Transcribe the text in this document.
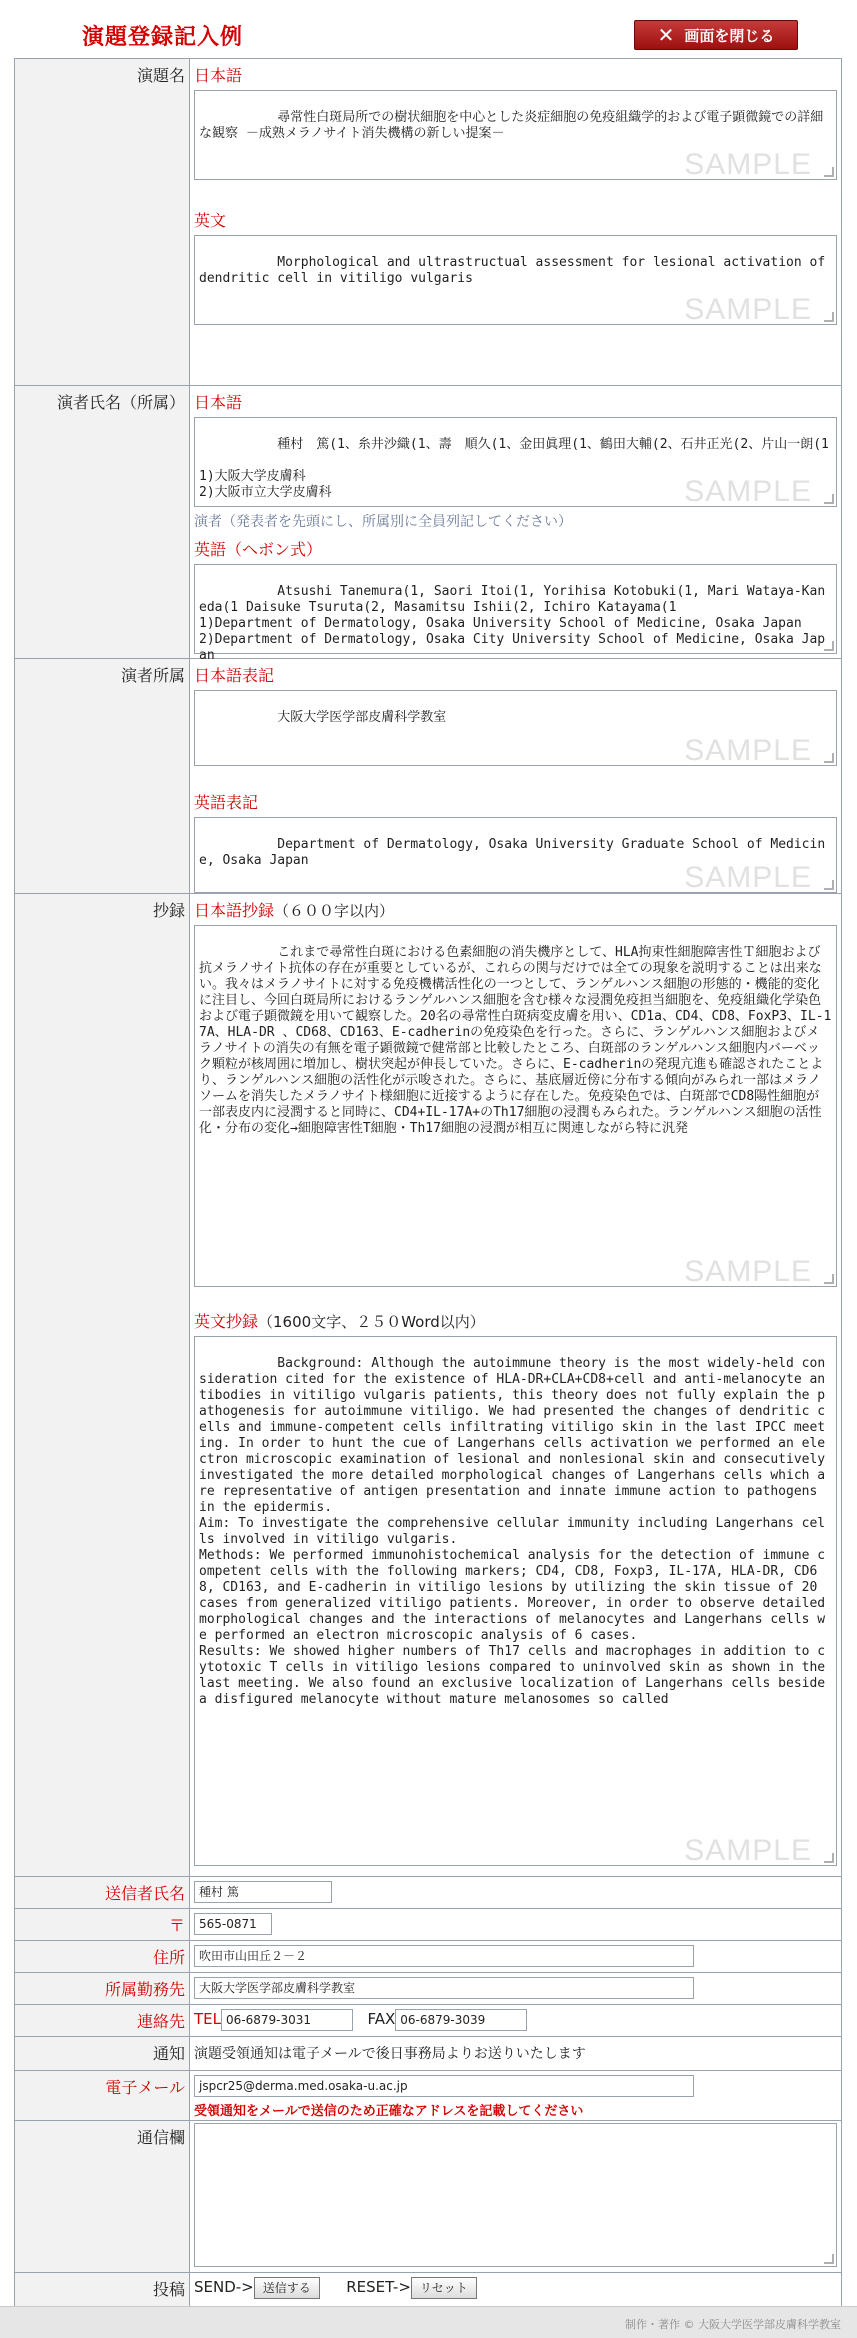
演題登録記入例	✕ 画面を閉じる
演題名 日本語

尋常性白斑局所での樹状細胞を中心とした炎症細胞の免疫組織学的および電子顕微鏡での詳細な観察 －成熟メラノサイト消失機構の新しい提案－

SAMPLE

英文

Morphological and ultrastructual assessment for lesional activation of dendritic cell in vitiligo vulgaris

SAMPLE

演者氏名（所属） 日本語

種村　篤(1、糸井沙織(1、壽　順久(1、金田眞理(1、鶴田大輔(2、石井正光(2、片山一朗(1

1)大阪大学皮膚科
2)大阪市立大学皮膚科
	SAMPLE

演者（発表者を先頭にし、所属別に全員列記してください）
英語（ヘボン式）

Atsushi Tanemura(1, Saori Itoi(1, Yorihisa Kotobuki(1, Mari Wataya-Kaneda(1 Daisuke Tsuruta(2, Masamitsu Ishii(2, Ichiro Katayama(1
1)Department of Dermatology, Osaka University School of Medicine, Osaka Japan
2)Department of Dermatology, Osaka City University School of Medicine, Osaka Japan

演者所属 日本語表記

大阪大学医学部皮膚科学教室

SAMPLE

英語表記

Department of Dermatology, Osaka University Graduate School of Medicine, Osaka Japan

SAMPLE

抄録 日本語抄録（６００字以内）

これまで尋常性白斑における色素細胞の消失機序として、HLA拘束性細胞障害性Ｔ細胞および抗メラノサイト抗体の存在が重要としているが、これらの関与だけでは全ての現象を説明することは出来ない。我々はメラノサイトに対する免疫機構活性化の一つとして、ランゲルハンス細胞の形態的・機能的変化に注目し、今回白斑局所におけるランゲルハンス細胞を含む様々な浸潤免疫担当細胞を、免疫組織化学染色および電子顕微鏡を用いて観察した。20名の尋常性白斑病変皮膚を用い、CD1a、CD4、CD8、FoxP3、IL-17A、HLA-DR 、CD68、CD163、E-cadherinの免疫染色を行った。さらに、ランゲルハンス細胞およびメラノサイトの消失の有無を電子顕微鏡で健常部と比較したところ、白斑部のランゲルハンス細胞内バーベック顆粒が核周囲に増加し、樹状突起が伸長していた。さらに、E-cadherinの発現亢進も確認されたことより、ランゲルハンス細胞の活性化が示唆された。さらに、基底層近傍に分布する傾向がみられ一部はメラノソームを消失したメラノサイト様細胞に近接するように存在した。免疫染色では、白斑部でCD8陽性細胞が一部表皮内に浸潤すると同時に、CD4+IL-17A+のTh17細胞の浸潤もみられた。ランゲルハンス細胞の活性化・分布の変化→細胞障害性T細胞・Th17細胞の浸潤が相互に関連しながら特に汎発

SAMPLE

英文抄録（1600文字、２５０Word以内）

Background: Although the autoimmune theory is the most widely-held consideration cited for the existence of HLA-DR+CLA+CD8+cell and anti-melanocyte antibodies in vitiligo vulgaris patients, this theory does not fully explain the pathogenesis for autoimmune vitiligo. We had presented the changes of dendritic cells and immune-competent cells infiltrating vitiligo skin in the last IPCC meeting. In order to hunt the cue of Langerhans cells activation we performed an electron microscopic examination of lesional and nonlesional skin and consecutively investigated the more detailed morphological changes of Langerhans cells which are representative of antigen presentation and innate immune action to pathogens in the epidermis.
Aim: To investigate the comprehensive cellular immunity including Langerhans cells involved in vitiligo vulgaris.
Methods: We performed immunohistochemical analysis for the detection of immune competent cells with the following markers; CD4, CD8, Foxp3, IL-17A, HLA-DR, CD68, CD163, and E-cadherin in vitiligo lesions by utilizing the skin tissue of 20 cases from generalized vitiligo patients. Moreover, in order to observe detailed morphological changes and the interactions of melanocytes and Langerhans cells we performed an electron microscopic analysis of 6 cases.
Results: We showed higher numbers of Th17 cells and macrophages in addition to cytotoxic T cells in vitiligo lesions compared to uninvolved skin as shown in the last meeting. We also found an exclusive localization of Langerhans cells beside a disfigured melanocyte without mature melanosomes so called

SAMPLE

送信者氏名	種村 篤
〒	565-0871
住所	吹田市山田丘２－２
所属勤務先	大阪大学医学部皮膚科学教室
連絡先 TEL 06-6879-3031	FAX 06-6879-3039
通知 演題受領通知は電子メールで後日事務局よりお送りいたします
電子メール	jspcr25@derma.med.osaka-u.ac.jp
受領通知をメールで送信のため正確なアドレスを記載してください
通信欄

投稿 SEND-> 送信する RESET-> リセット
制作・著作 © 大阪大学医学部皮膚科学教室
